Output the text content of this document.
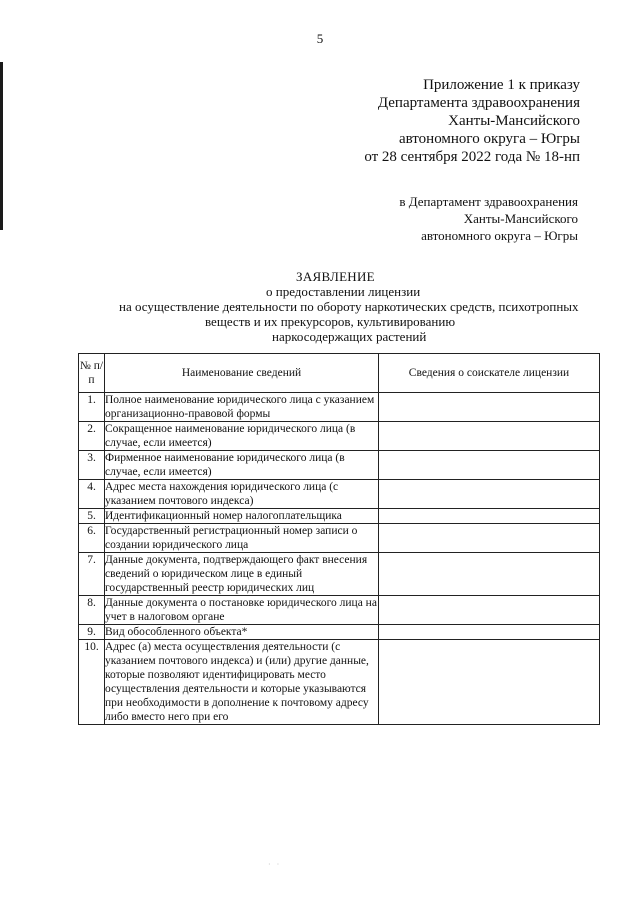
5
Приложение 1 к приказу
Департамента здравоохранения
Ханты-Мансийского
автономного округа – Югры
от 28 сентября 2022 года № 18-нп
в Департамент здравоохранения
Ханты-Мансийского
автономного округа – Югры
ЗАЯВЛЕНИЕ
о предоставлении лицензии
на осуществление деятельности по обороту наркотических средств, психотропных
веществ и их прекурсоров, культивированию
наркосодержащих растений
№ п/п	Наименование сведений	Сведения о соискателе лицензии
1.	Полное наименование юридического лица с указанием организационно-правовой формы	
2.	Сокращенное наименование юридического лица (в случае, если имеется)	
3.	Фирменное наименование юридического лица (в случае, если имеется)	
4.	Адрес места нахождения юридического лица (с указанием почтового индекса)	
5.	Идентификационный номер налогоплательщика	
6.	Государственный регистрационный номер записи о создании юридического лица	
7.	Данные документа, подтверждающего факт внесения сведений о юридическом лице в единый государственный реестр юридических лиц	
8.	Данные документа о постановке юридического лица на учет в налоговом органе	
9.	Вид обособленного объекта*	
10.	Адрес (а) места осуществления деятельности (с указанием почтового индекса) и (или) другие данные, которые позволяют идентифицировать место осуществления деятельности и которые указываются при необходимости в дополнение к почтовому адресу либо вместо него при его	
· ·
